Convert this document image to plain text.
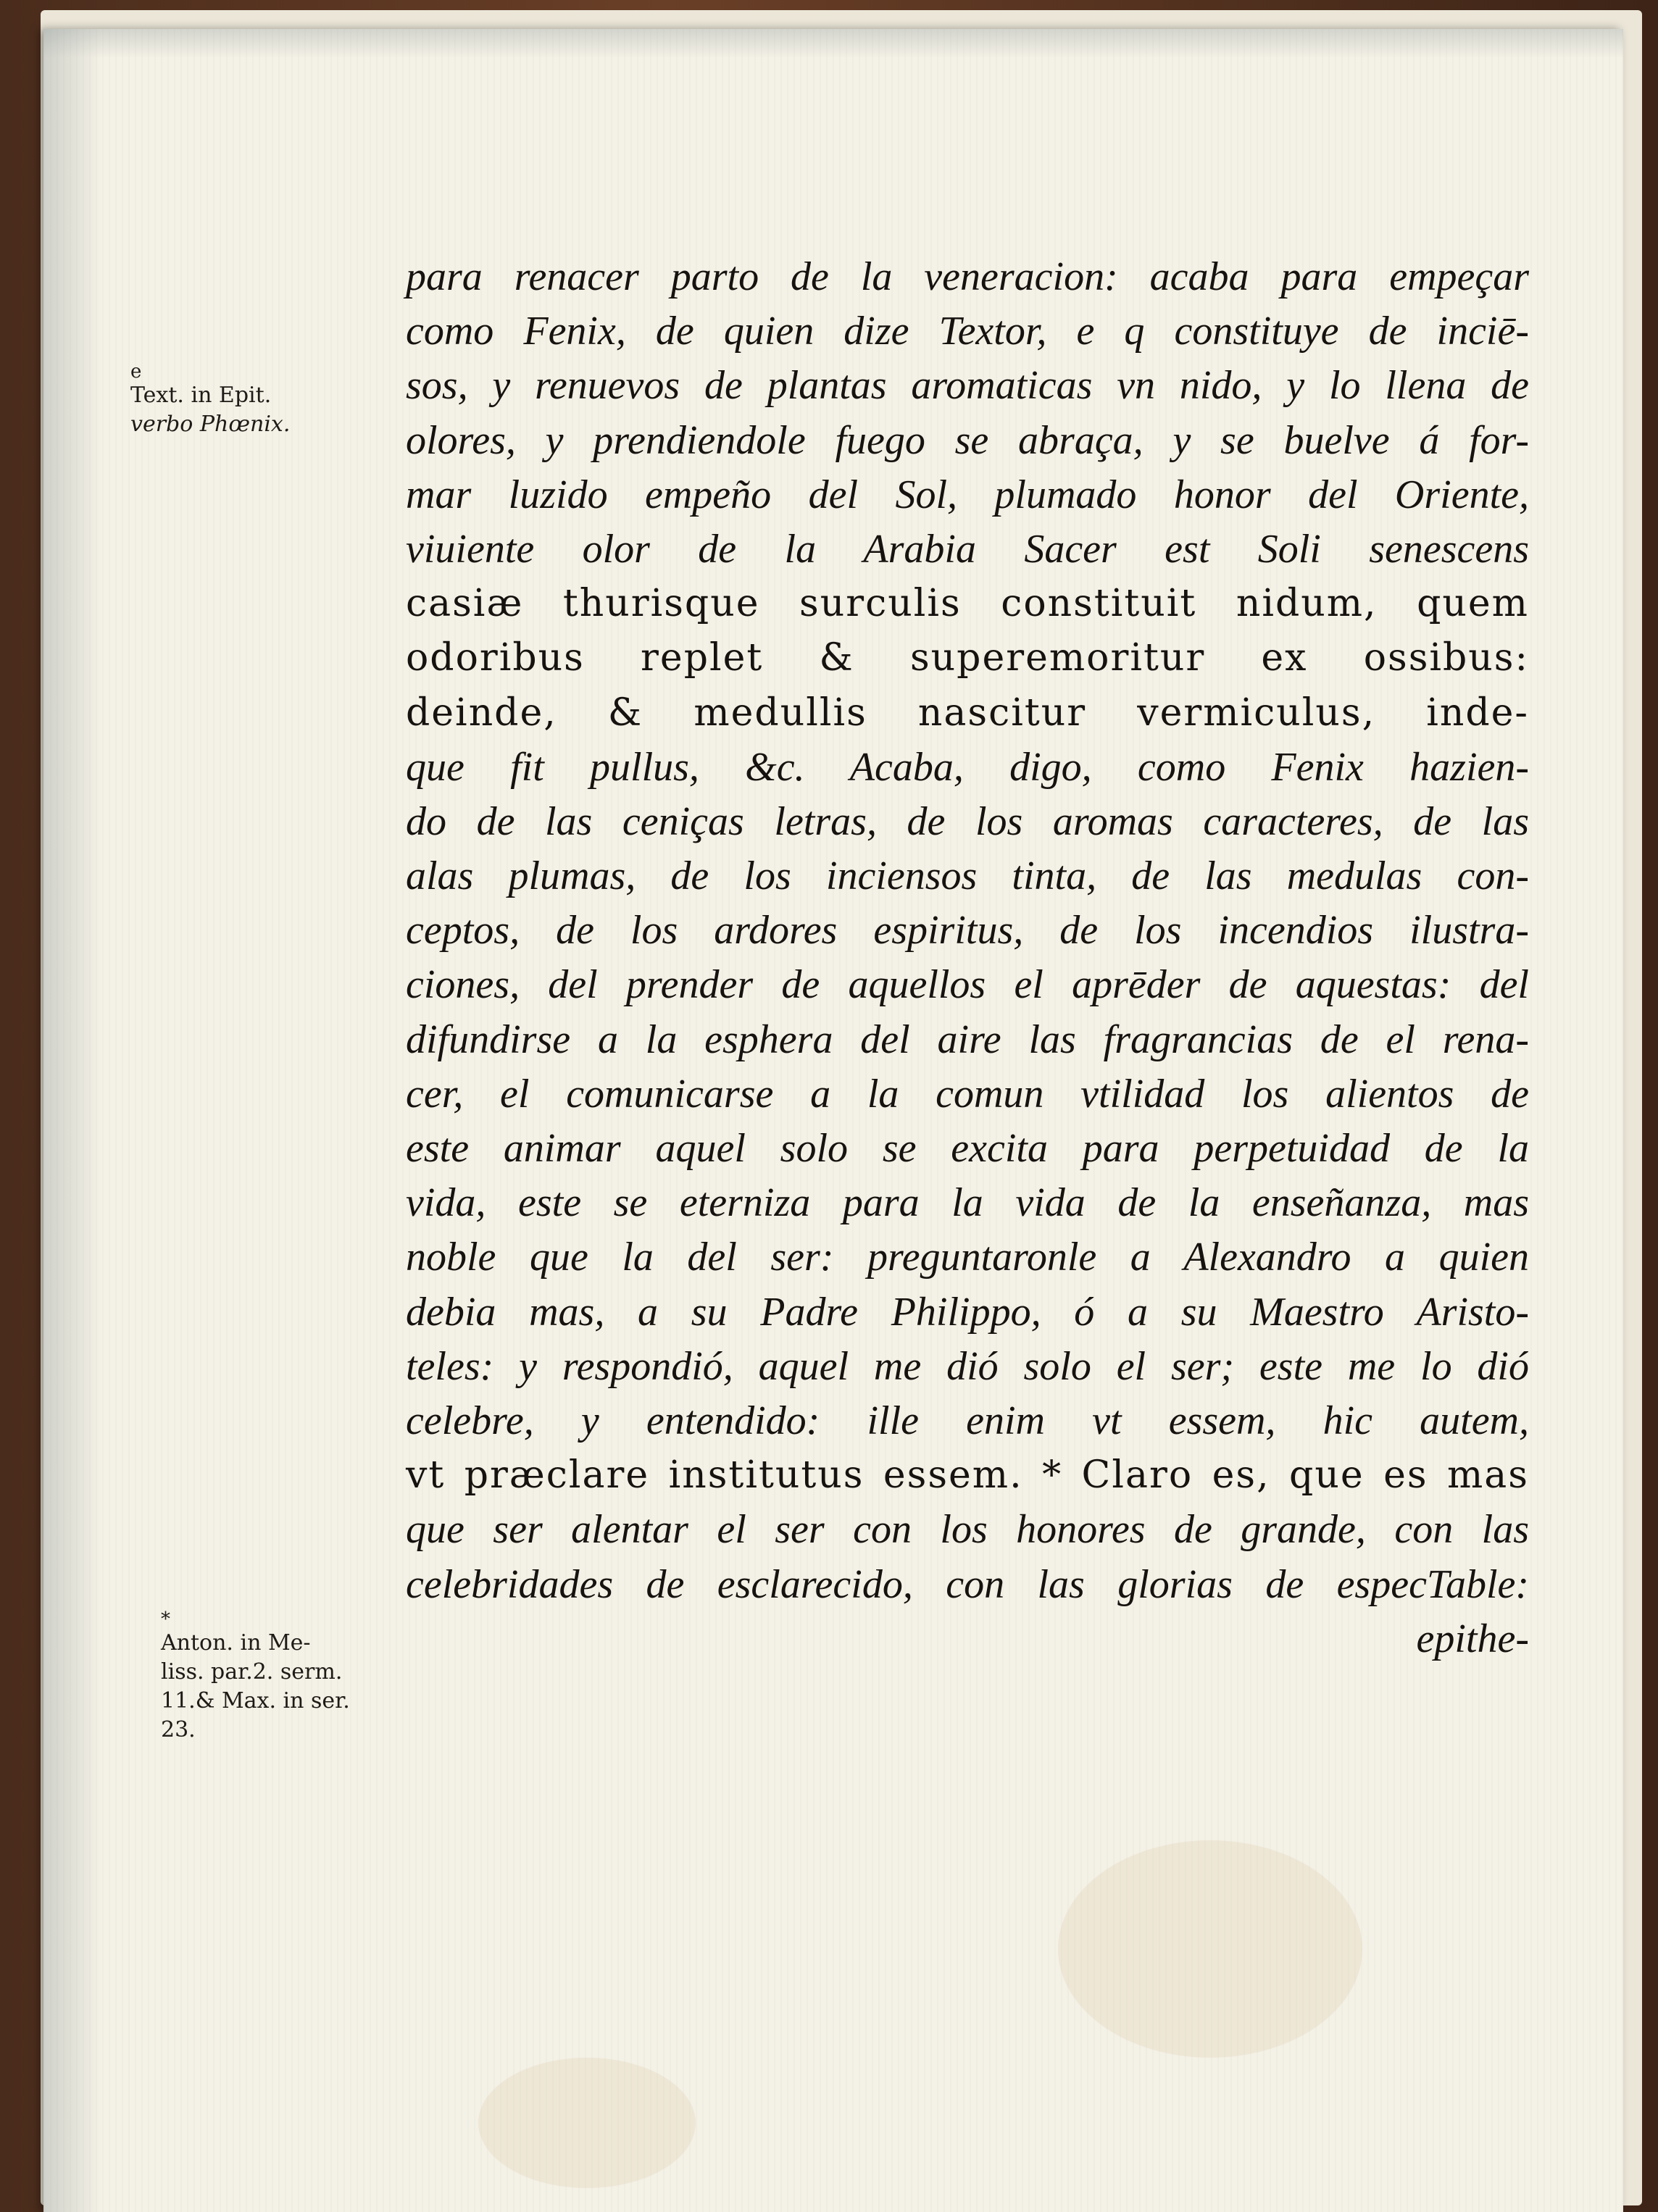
e
Text. in Epit.
verbo Phœnix.
*
Anton. in Me-
liss. par.2. serm.
11.& Max. in ser.
23.
para renacer parto de la veneracion: acaba para empeçar
como Fenix, de quien dize Textor, e q constituye de inciē-
sos, y renuevos de plantas aromaticas vn nido, y lo llena de
olores, y prendiendole fuego se abraça, y se buelve á for-
mar luzido empeño del Sol, plumado honor del Oriente,
viuiente olor de la Arabia Sacer est Soli senescens
casiæ thurisque surculis constituit nidum, quem
odoribus replet & superemoritur ex ossibus:
deinde, & medullis nascitur vermiculus, inde-
que fit pullus, &c. Acaba, digo, como Fenix hazien-
do de las ceniças letras, de los aromas caracteres, de las
alas plumas, de los inciensos tinta, de las medulas con-
ceptos, de los ardores espiritus, de los incendios ilustra-
ciones, del prender de aquellos el aprēder de aquestas: del
difundirse a la esphera del aire las fragrancias de el rena-
cer, el comunicarse a la comun vtilidad los alientos de
este animar aquel solo se excita para perpetuidad de la
vida, este se eterniza para la vida de la enseñanza, mas
noble que la del ser: preguntaronle a Alexandro a quien
debia mas, a su Padre Philippo, ó a su Maestro Aristo-
teles: y respondió, aquel me dió solo el ser; este me lo dió
celebre, y entendido: ille enim vt essem, hic autem,
vt præclare institutus essem. * Claro es, que es mas
que ser alentar el ser con los honores de grande, con las
celebridades de esclarecido, con las glorias de especTable:
epithe-
